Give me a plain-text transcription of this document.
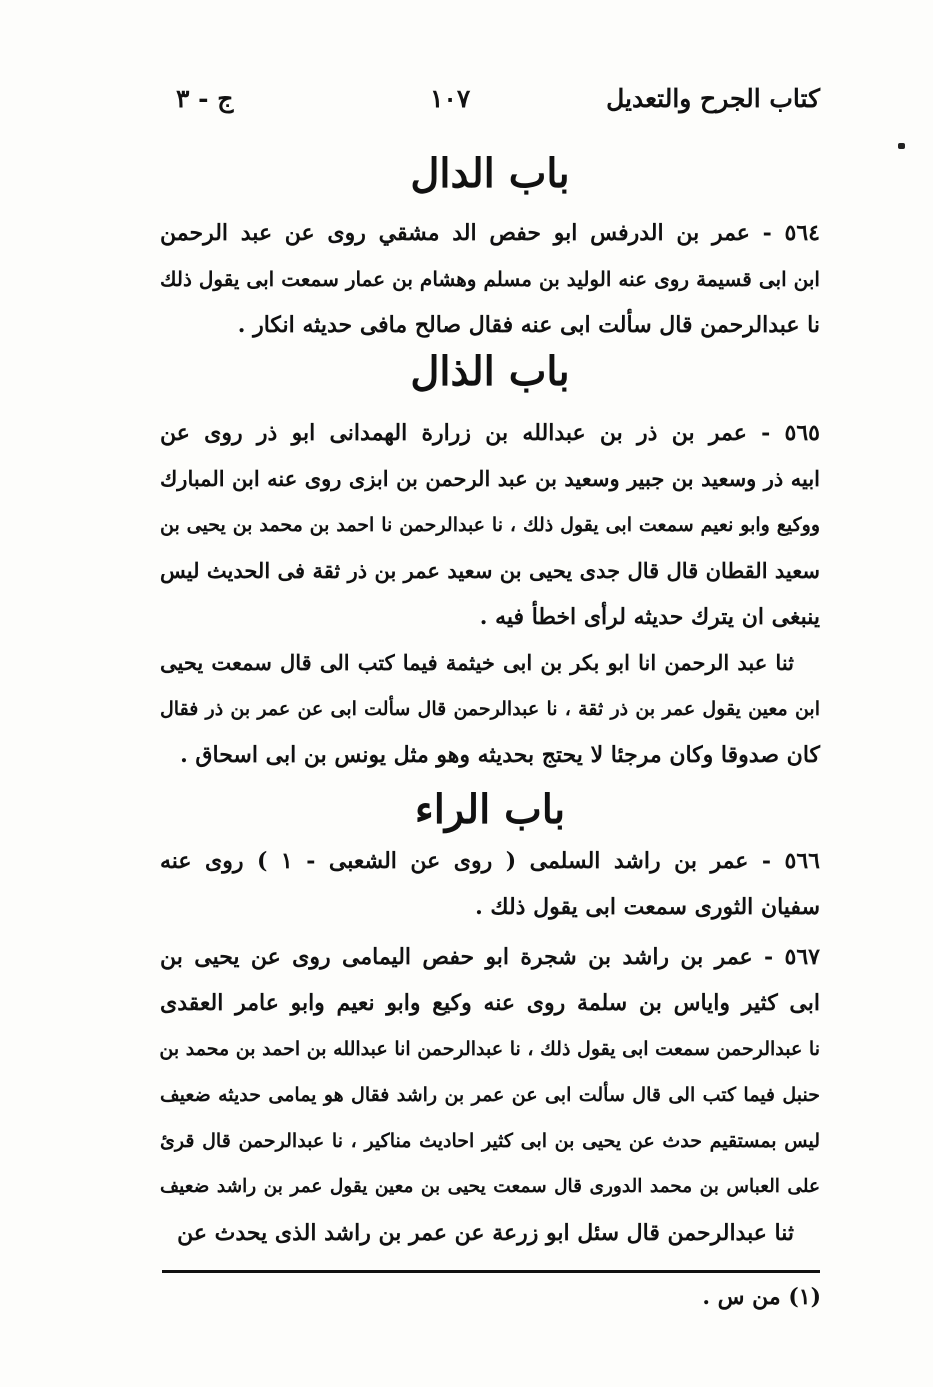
كتاب الجرح والتعديل
١٠٧
ج - ٣
باب الدال
٥٦٤ - عمر بن الدرفس ابو حفص الد مشقي روى عن عبد الرحمن
ابن ابى قسيمة روى عنه الوليد بن مسلم وهشام بن عمار سمعت ابى يقول ذلك
نا عبدالرحمن قال سألت ابى عنه فقال صالح مافى حديثه انكار .
باب الذال
٥٦٥ - عمر بن ذر بن عبدالله بن زرارة الهمدانى ابو ذر روى عن
ابيه ذر وسعيد بن جبير وسعيد بن عبد الرحمن بن ابزى روى عنه ابن المبارك
ووكيع وابو نعيم سمعت ابى يقول ذلك ، نا عبدالرحمن نا احمد بن محمد بن يحيى بن
سعيد القطان قال قال جدى يحيى بن سعيد عمر بن ذر ثقة فى الحديث ليس
ينبغى ان يترك حديثه لرأى اخطأ فيه .
ثنا عبد الرحمن انا ابو بكر بن ابى خيثمة فيما كتب الى قال سمعت يحيى
ابن معين يقول عمر بن ذر ثقة ، نا عبدالرحمن قال سألت ابى عن عمر بن ذر فقال
كان صدوقا وكان مرجئا لا يحتج بحديثه وهو مثل يونس بن ابى اسحاق .
باب الراء
٥٦٦ - عمر بن راشد السلمى ( روى عن الشعبى - ١ ) روى عنه
سفيان الثورى سمعت ابى يقول ذلك .
٥٦٧ - عمر بن راشد بن شجرة ابو حفص اليمامى روى عن يحيى بن
ابى كثير واياس بن سلمة روى عنه وكيع وابو نعيم وابو عامر العقدى
نا عبدالرحمن سمعت ابى يقول ذلك ، نا عبدالرحمن انا عبدالله بن احمد بن محمد بن
حنبل فيما كتب الى قال سألت ابى عن عمر بن راشد فقال هو يمامى حديثه ضعيف
ليس بمستقيم حدث عن يحيى بن ابى كثير احاديث مناكير ، نا عبدالرحمن قال قرئ
على العباس بن محمد الدورى قال سمعت يحيى بن معين يقول عمر بن راشد ضعيف
ثنا عبدالرحمن قال سئل ابو زرعة عن عمر بن راشد الذى يحدث عن
(١) من س .
